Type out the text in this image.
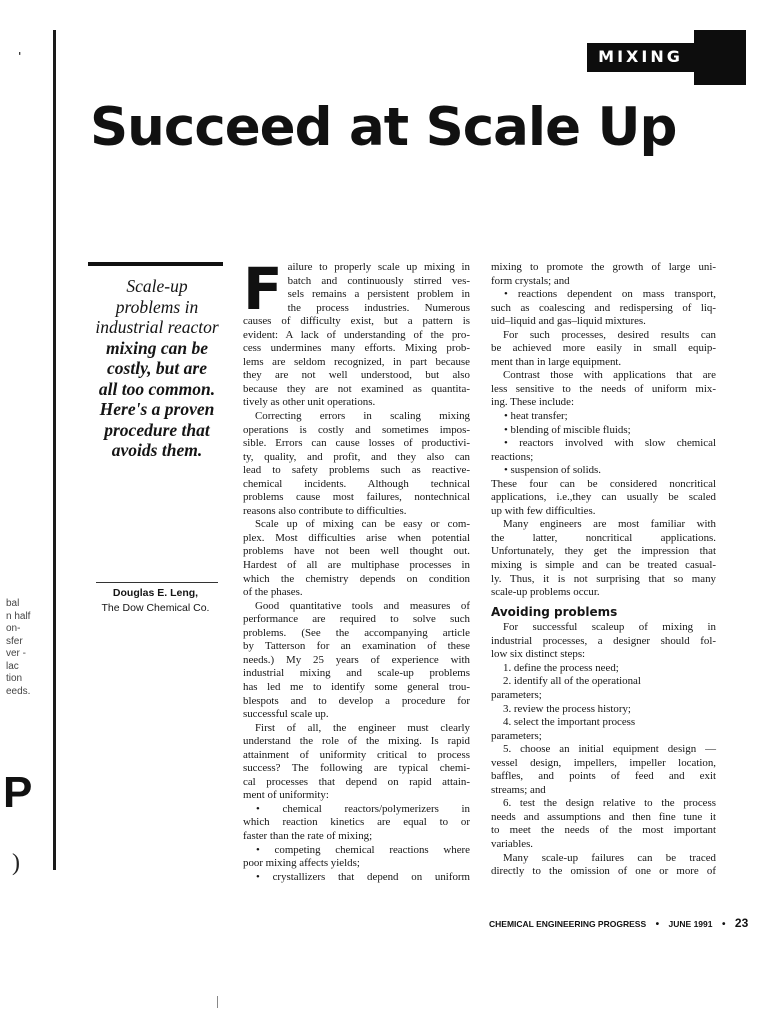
'
bal
n half
on-
sfer
ver -
lac
tion
eeds.
P
)
MIXING
Succeed at Scale Up
Scale-up
problems in
industrial reactor
mixing can be
costly, but are
all too common.
Here's a proven
procedure that
avoids them.
Douglas E. Leng,
The Dow Chemical Co.
F ailure to properly scale up mixing in
batch and continuously stirred ves-
sels remains a persistent problem in
the process industries. Numerous
causes of difficulty exist, but a pattern is
evident: A lack of understanding of the pro-
cess undermines many efforts. Mixing prob-
lems are seldom recognized, in part because
they are not well understood, but also
because they are not examined as quantita-
tively as other unit operations.
Correcting errors in scaling mixing
operations is costly and sometimes impos-
sible. Errors can cause losses of productivi-
ty, quality, and profit, and they also can
lead to safety problems such as reactive-
chemical incidents. Although technical
problems cause most failures, nontechnical
reasons also contribute to difficulties.
Scale up of mixing can be easy or com-
plex. Most difficulties arise when potential
problems have not been well thought out.
Hardest of all are multiphase processes in
which the chemistry depends on condition
of the phases.
Good quantitative tools and measures of
performance are required to solve such
problems. (See the accompanying article
by Tatterson for an examination of these
needs.) My 25 years of experience with
industrial mixing and scale-up problems
has led me to identify some general trou-
blespots and to develop a procedure for
successful scale up.
First of all, the engineer must clearly
understand the role of the mixing. Is rapid
attainment of uniformity critical to process
success? The following are typical chemi-
cal processes that depend on rapid attain-
ment of uniformity:
• chemical reactors/polymerizers in
which reaction kinetics are equal to or
faster than the rate of mixing;
• competing chemical reactions where
poor mixing affects yields;
• crystallizers that depend on uniform
mixing to promote the growth of large uni-
form crystals; and
• reactions dependent on mass transport,
such as coalescing and redispersing of liq-
uid–liquid and gas–liquid mixtures.
For such processes, desired results can
be achieved more easily in small equip-
ment than in large equipment.
Contrast those with applications that are
less sensitive to the needs of uniform mix-
ing. These include:
• heat transfer;
• blending of miscible fluids;
• reactors involved with slow chemical
reactions;
• suspension of solids.
These four can be considered noncritical
applications, i.e.,they can usually be scaled
up with few difficulties.
Many engineers are most familiar with
the latter, noncritical applications.
Unfortunately, they get the impression that
mixing is simple and can be treated casual-
ly. Thus, it is not surprising that so many
scale-up problems occur.
Avoiding problems
For successful scaleup of mixing in
industrial processes, a designer should fol-
low six distinct steps:
1. define the process need;
2. identify all of the operational
parameters;
3. review the process history;
4. select the important process
parameters;
5. choose an initial equipment design —
vessel design, impellers, impeller location,
baffles, and points of feed and exit
streams; and
6. test the design relative to the process
needs and assumptions and then fine tune it
to meet the needs of the most important
variables.
Many scale-up failures can be traced
directly to the omission of one or more of
CHEMICAL ENGINEERING PROGRESS • JUNE 1991 • 23
